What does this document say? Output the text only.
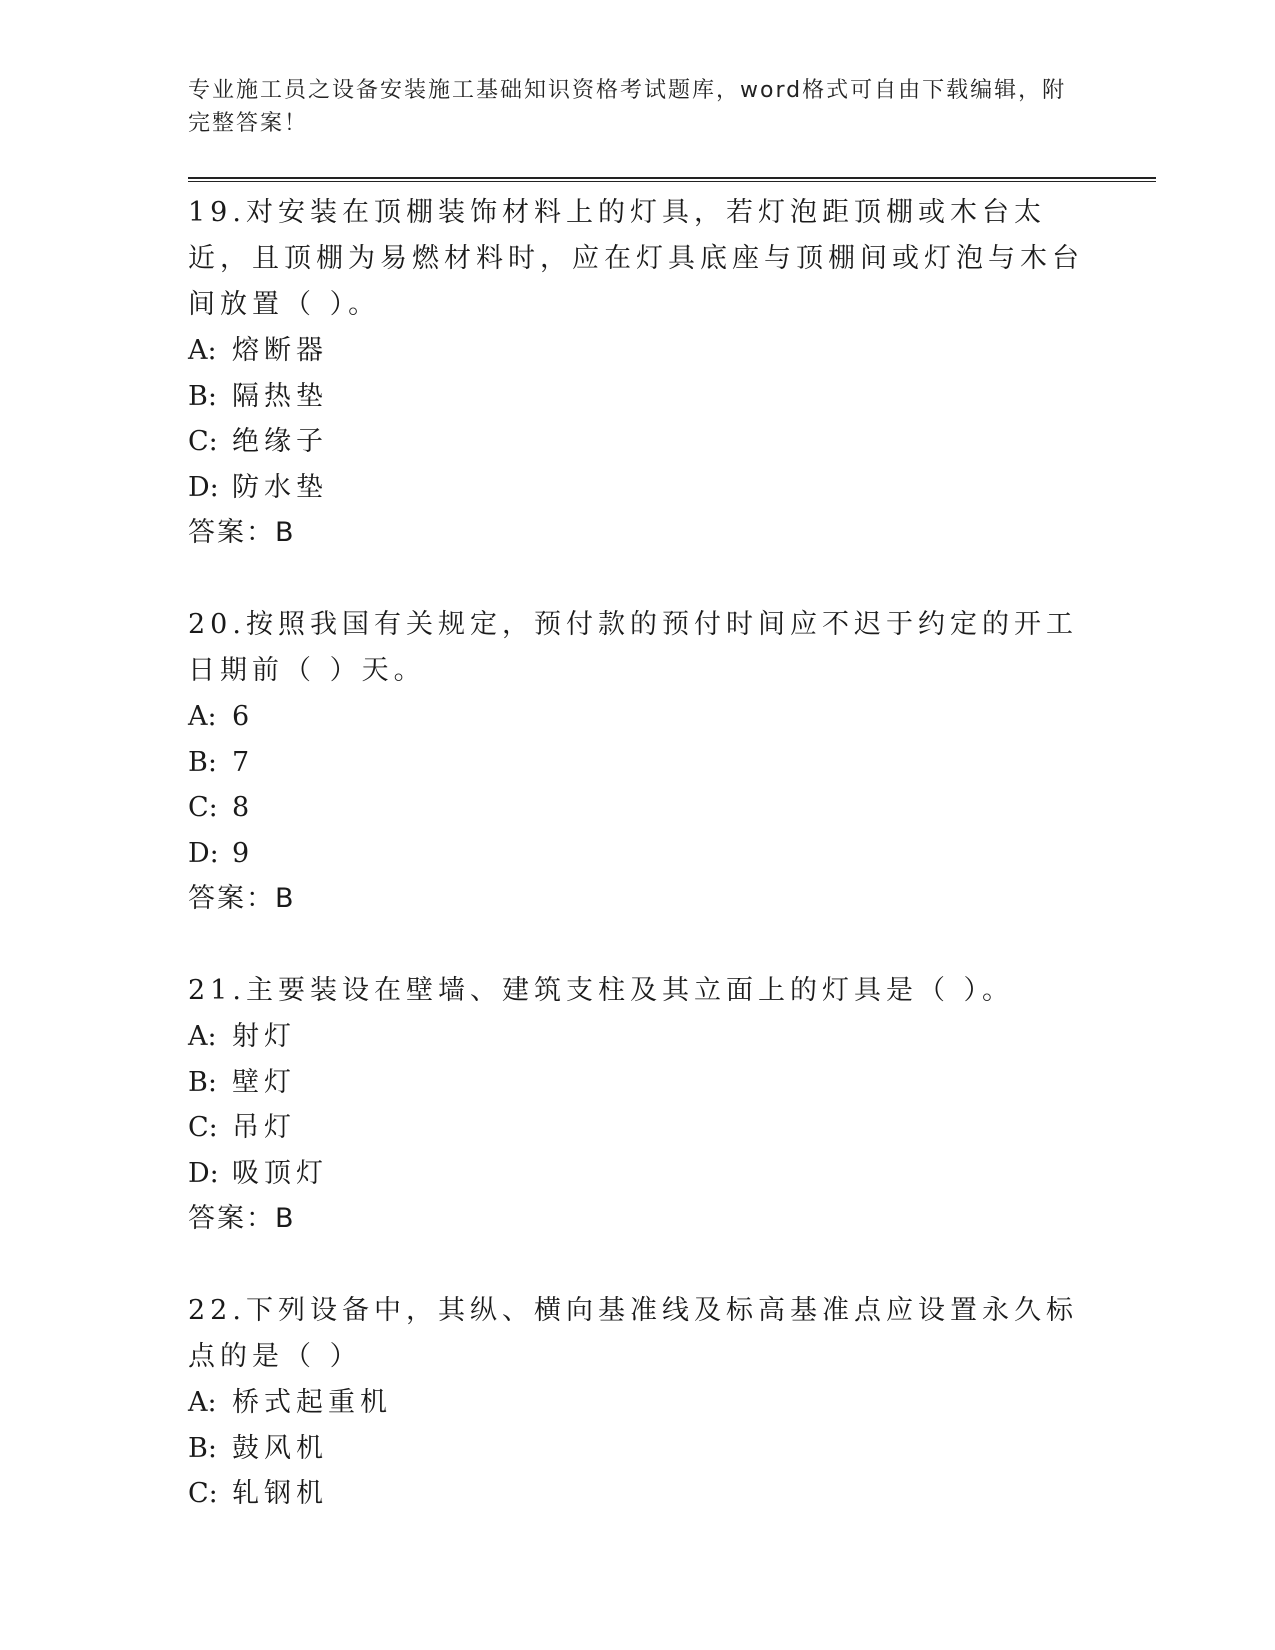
专业施工员之设备安装施工基础知识资格考试题库，word格式可自由下载编辑，附完整答案！

19.对安装在顶棚装饰材料上的灯具，若灯泡距顶棚或木台太近，且顶棚为易燃材料时，应在灯具底座与顶棚间或灯泡与木台间放置（ ）。

A: 熔断器

B: 隔热垫

C: 绝缘子

D: 防水垫

答案：B

20.按照我国有关规定，预付款的预付时间应不迟于约定的开工日期前（ ）天。

A: 6

B: 7

C: 8

D: 9

答案：B

21.主要装设在壁墙、建筑支柱及其立面上的灯具是（ ）。

A: 射灯

B: 壁灯

C: 吊灯

D: 吸顶灯

答案：B

22.下列设备中，其纵、横向基准线及标高基准点应设置永久标点的是（ ）

A: 桥式起重机

B: 鼓风机

C: 轧钢机
